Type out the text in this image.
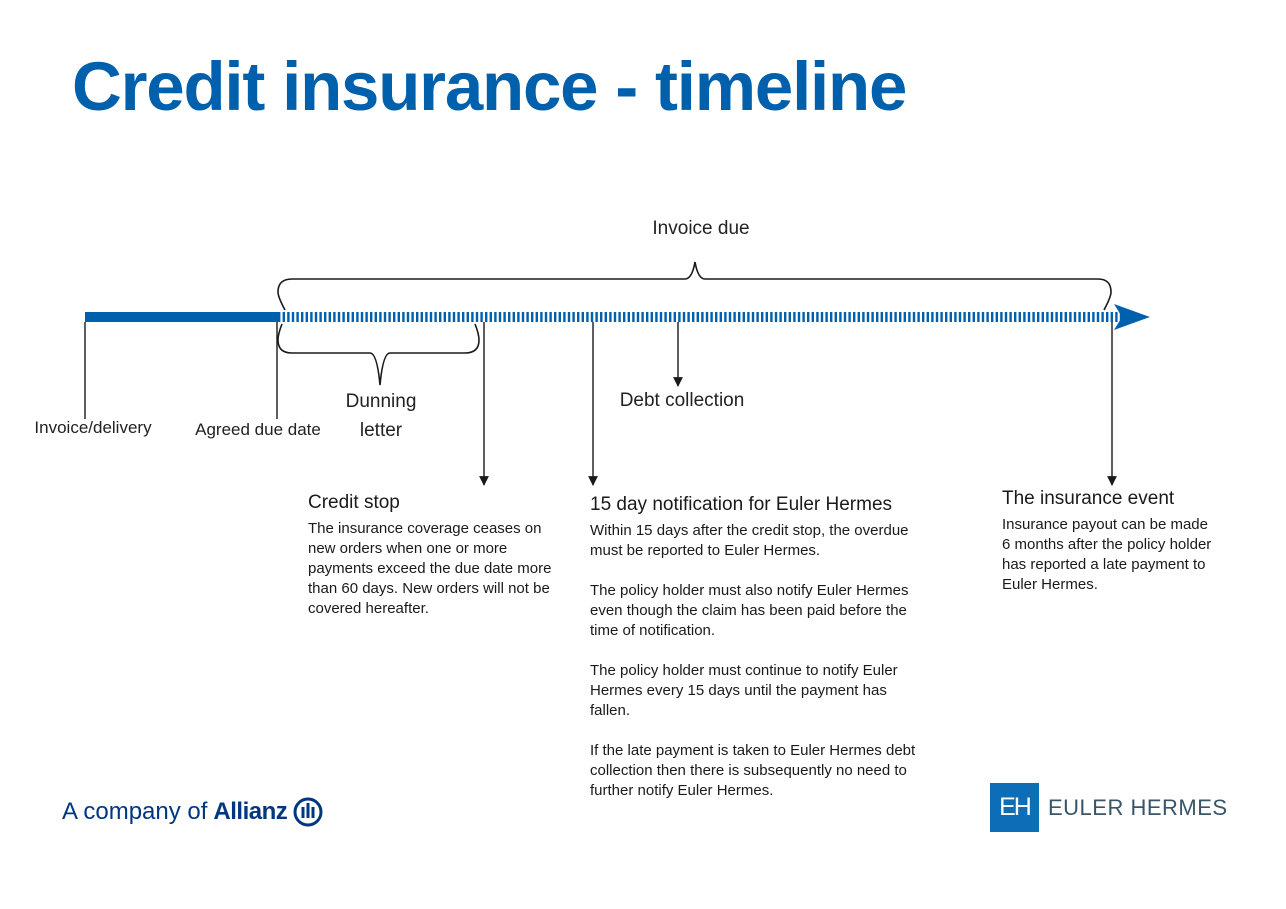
Credit insurance - timeline
Invoice due
Invoice/delivery	Agreed due date
Dunning
letter
Debt collection
Credit stop

The insurance coverage ceases on new orders when one or more payments exceed the due date more than 60 days. New orders will not be covered hereafter.

15 day notification for Euler Hermes

Within 15 days after the credit stop, the overdue must be reported to Euler Hermes.

The policy holder must also notify Euler Hermes even though the claim has been paid before the time of notification.

The policy holder must continue to notify Euler Hermes every 15 days until the payment has fallen.

If the late payment is taken to Euler Hermes debt collection then there is subsequently no need to further notify Euler Hermes.

The insurance event

Insurance payout can be made 6 months after the policy holder has reported a late payment to Euler Hermes.

A company of Allianz	EH EULER HERMES
